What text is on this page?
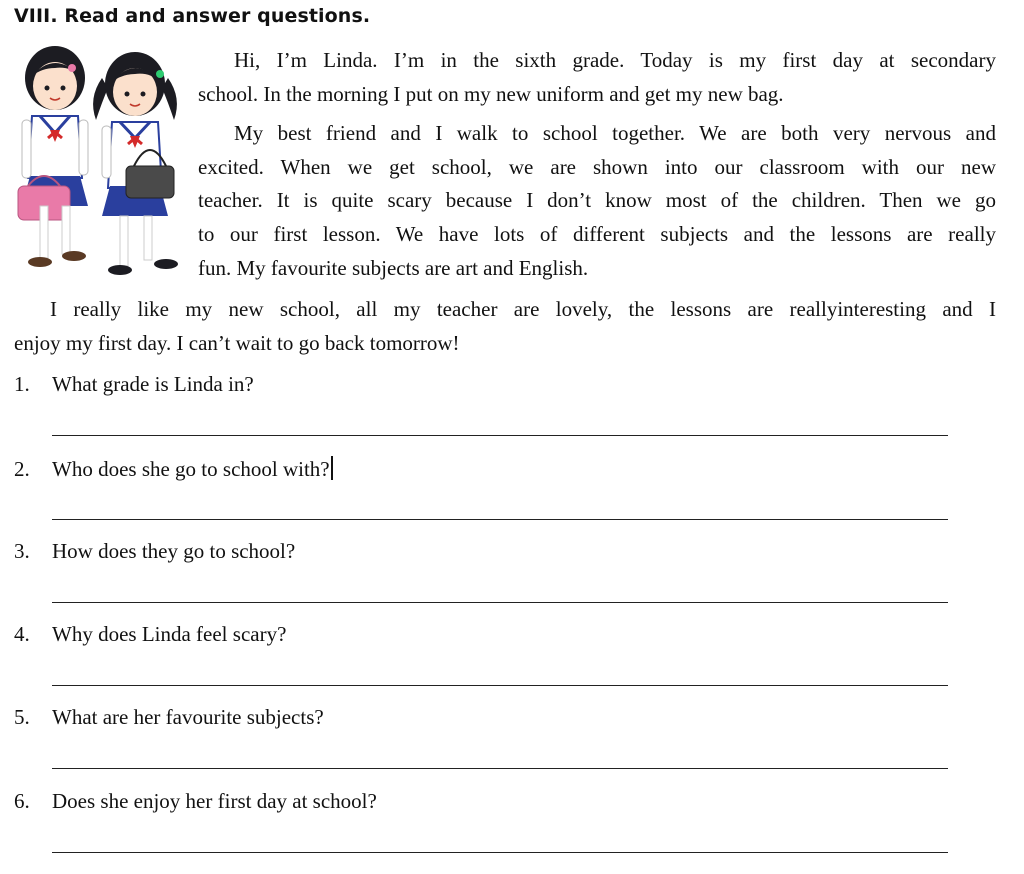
VIII. Read and answer questions.
Hi, I’m Linda. I’m in the sixth grade. Today is my first day at secondary
school. In the morning I put on my new uniform and get my new bag.
My best friend and I walk to school together. We are both very nervous and
excited. When we get school, we are shown into our classroom with our new
teacher. It is quite scary because I don’t know most of the children. Then we go
to our first lesson. We have lots of different subjects and the lessons are really
fun. My favourite subjects are art and English.
I really like my new school, all my teacher are lovely, the lessons are reallyinteresting and I
enjoy my first day. I can’t wait to go back tomorrow!
1. What grade is Linda in?
2. Who does she go to school with?
3. How does they go to school?
4. Why does Linda feel scary?
5. What are her favourite subjects?
6. Does she enjoy her first day at school?
